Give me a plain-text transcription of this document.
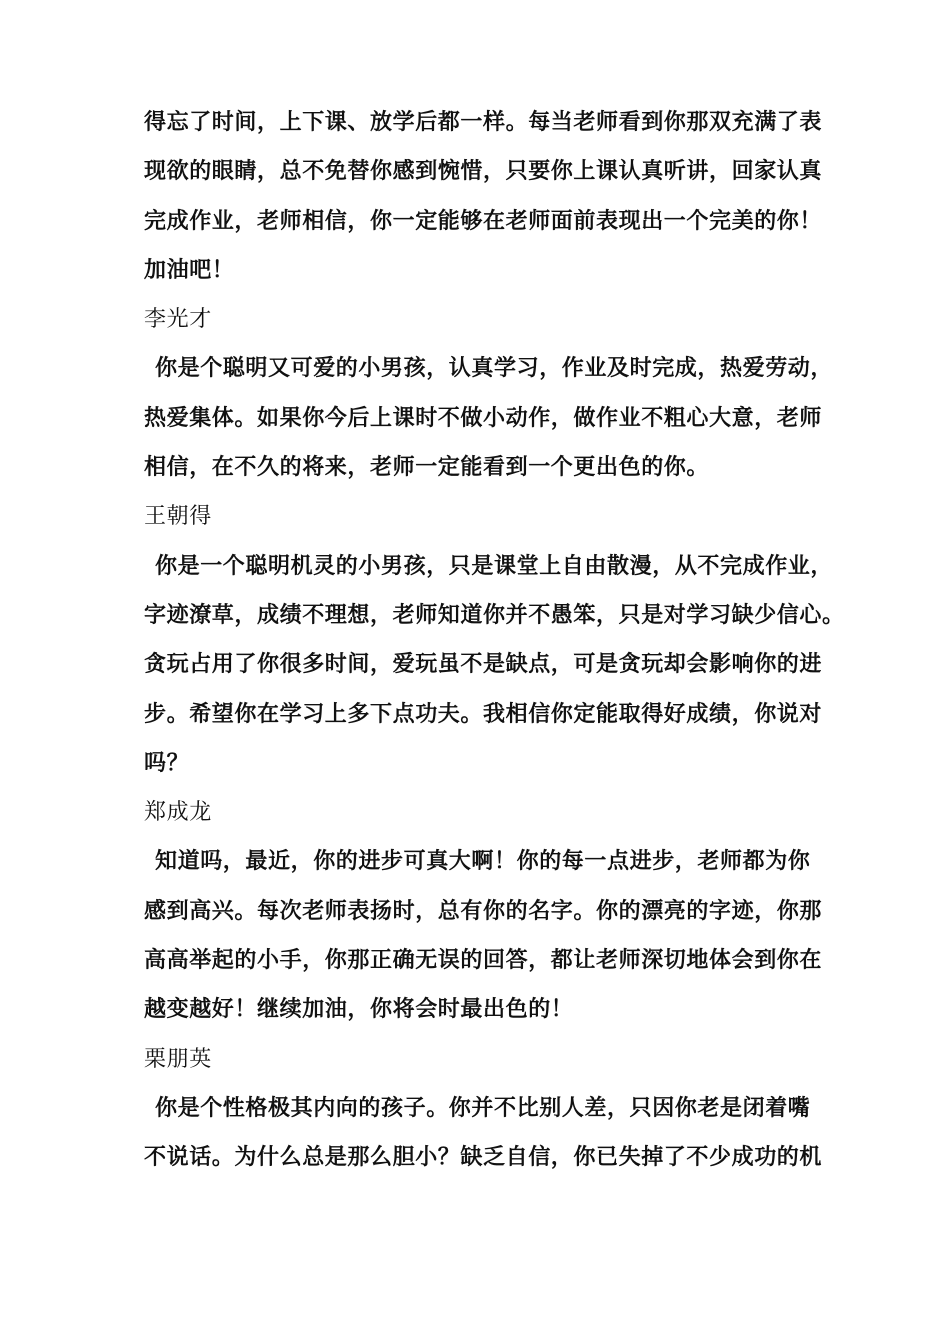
得忘了时间，上下课、放学后都一样。每当老师看到你那双充满了表
现欲的眼睛，总不免替你感到惋惜，只要你上课认真听讲，回家认真
完成作业，老师相信，你一定能够在老师面前表现出一个完美的你！
加油吧！
李光才
你是个聪明又可爱的小男孩，认真学习，作业及时完成，热爱劳动，
热爱集体。如果你今后上课时不做小动作，做作业不粗心大意，老师
相信，在不久的将来，老师一定能看到一个更出色的你。
王朝得
你是一个聪明机灵的小男孩，只是课堂上自由散漫，从不完成作业，
字迹潦草，成绩不理想，老师知道你并不愚笨，只是对学习缺少信心。
贪玩占用了你很多时间，爱玩虽不是缺点，可是贪玩却会影响你的进
步。希望你在学习上多下点功夫。我相信你定能取得好成绩，你说对
吗？
郑成龙
知道吗，最近，你的进步可真大啊！你的每一点进步，老师都为你
感到高兴。每次老师表扬时，总有你的名字。你的漂亮的字迹，你那
高高举起的小手，你那正确无误的回答，都让老师深切地体会到你在
越变越好！继续加油，你将会时最出色的！
栗朋英
你是个性格极其内向的孩子。你并不比别人差，只因你老是闭着嘴
不说话。为什么总是那么胆小？缺乏自信，你已失掉了不少成功的机
